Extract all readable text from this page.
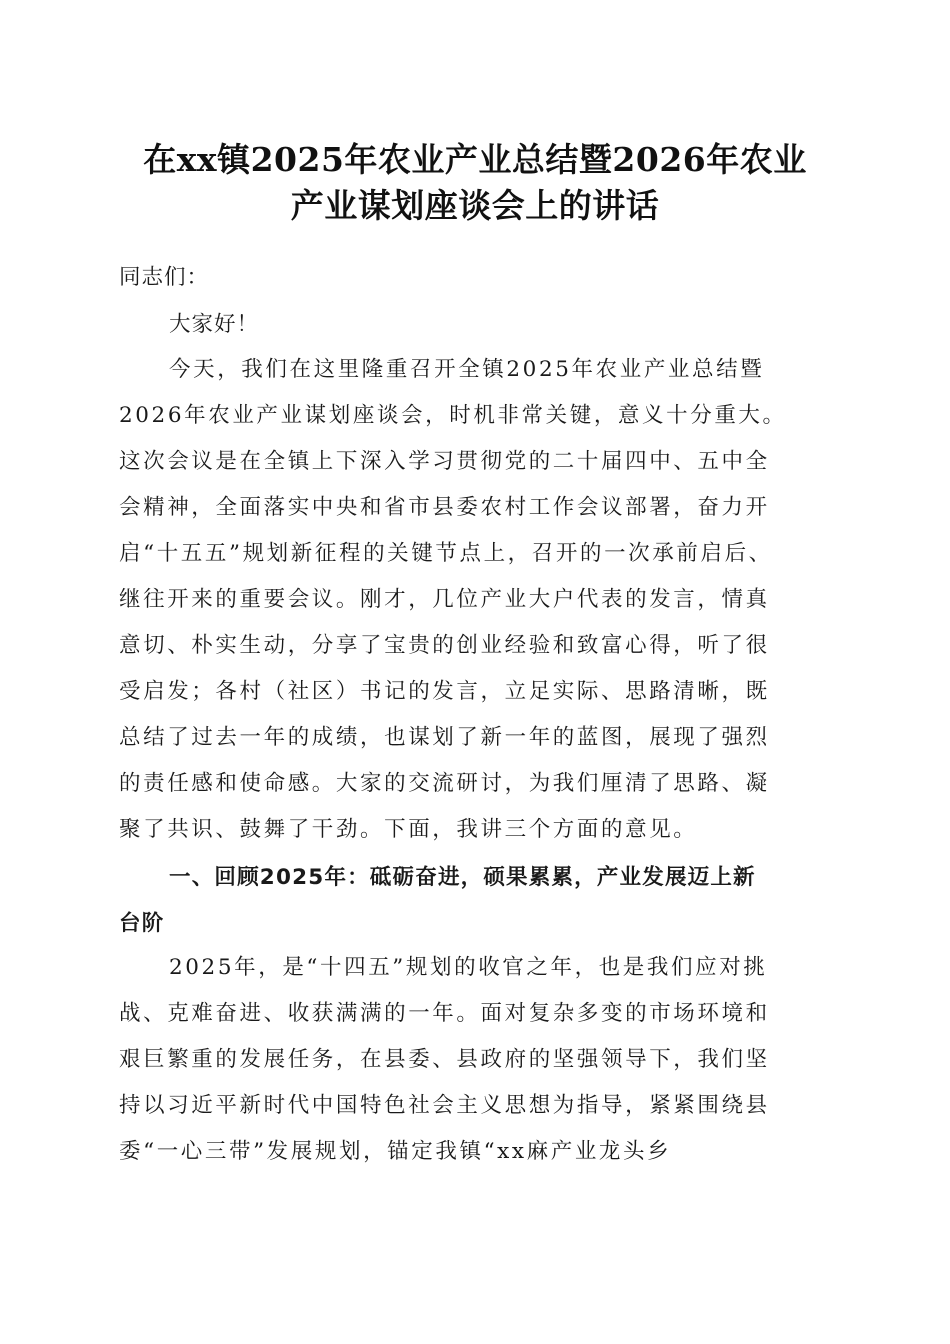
在xx镇2025年农业产业总结暨2026年农业
产业谋划座谈会上的讲话

同志们：

大家好！

今天，我们在这里隆重召开全镇2025年农业产业总结暨
2026年农业产业谋划座谈会，时机非常关键，意义十分重大。
这次会议是在全镇上下深入学习贯彻党的二十届四中、五中全
会精神，全面落实中央和省市县委农村工作会议部署，奋力开
启“十五五”规划新征程的关键节点上，召开的一次承前启后、
继往开来的重要会议。刚才，几位产业大户代表的发言，情真
意切、朴实生动，分享了宝贵的创业经验和致富心得，听了很
受启发；各村（社区）书记的发言，立足实际、思路清晰，既
总结了过去一年的成绩，也谋划了新一年的蓝图，展现了强烈
的责任感和使命感。大家的交流研讨，为我们厘清了思路、凝
聚了共识、鼓舞了干劲。下面，我讲三个方面的意见。
一、回顾2025年：砥砺奋进，硕果累累，产业发展迈上新
台阶
2025年，是“十四五”规划的收官之年，也是我们应对挑
战、克难奋进、收获满满的一年。面对复杂多变的市场环境和
艰巨繁重的发展任务，在县委、县政府的坚强领导下，我们坚
持以习近平新时代中国特色社会主义思想为指导，紧紧围绕县
委“一心三带”发展规划，锚定我镇“xx麻产业龙头乡
